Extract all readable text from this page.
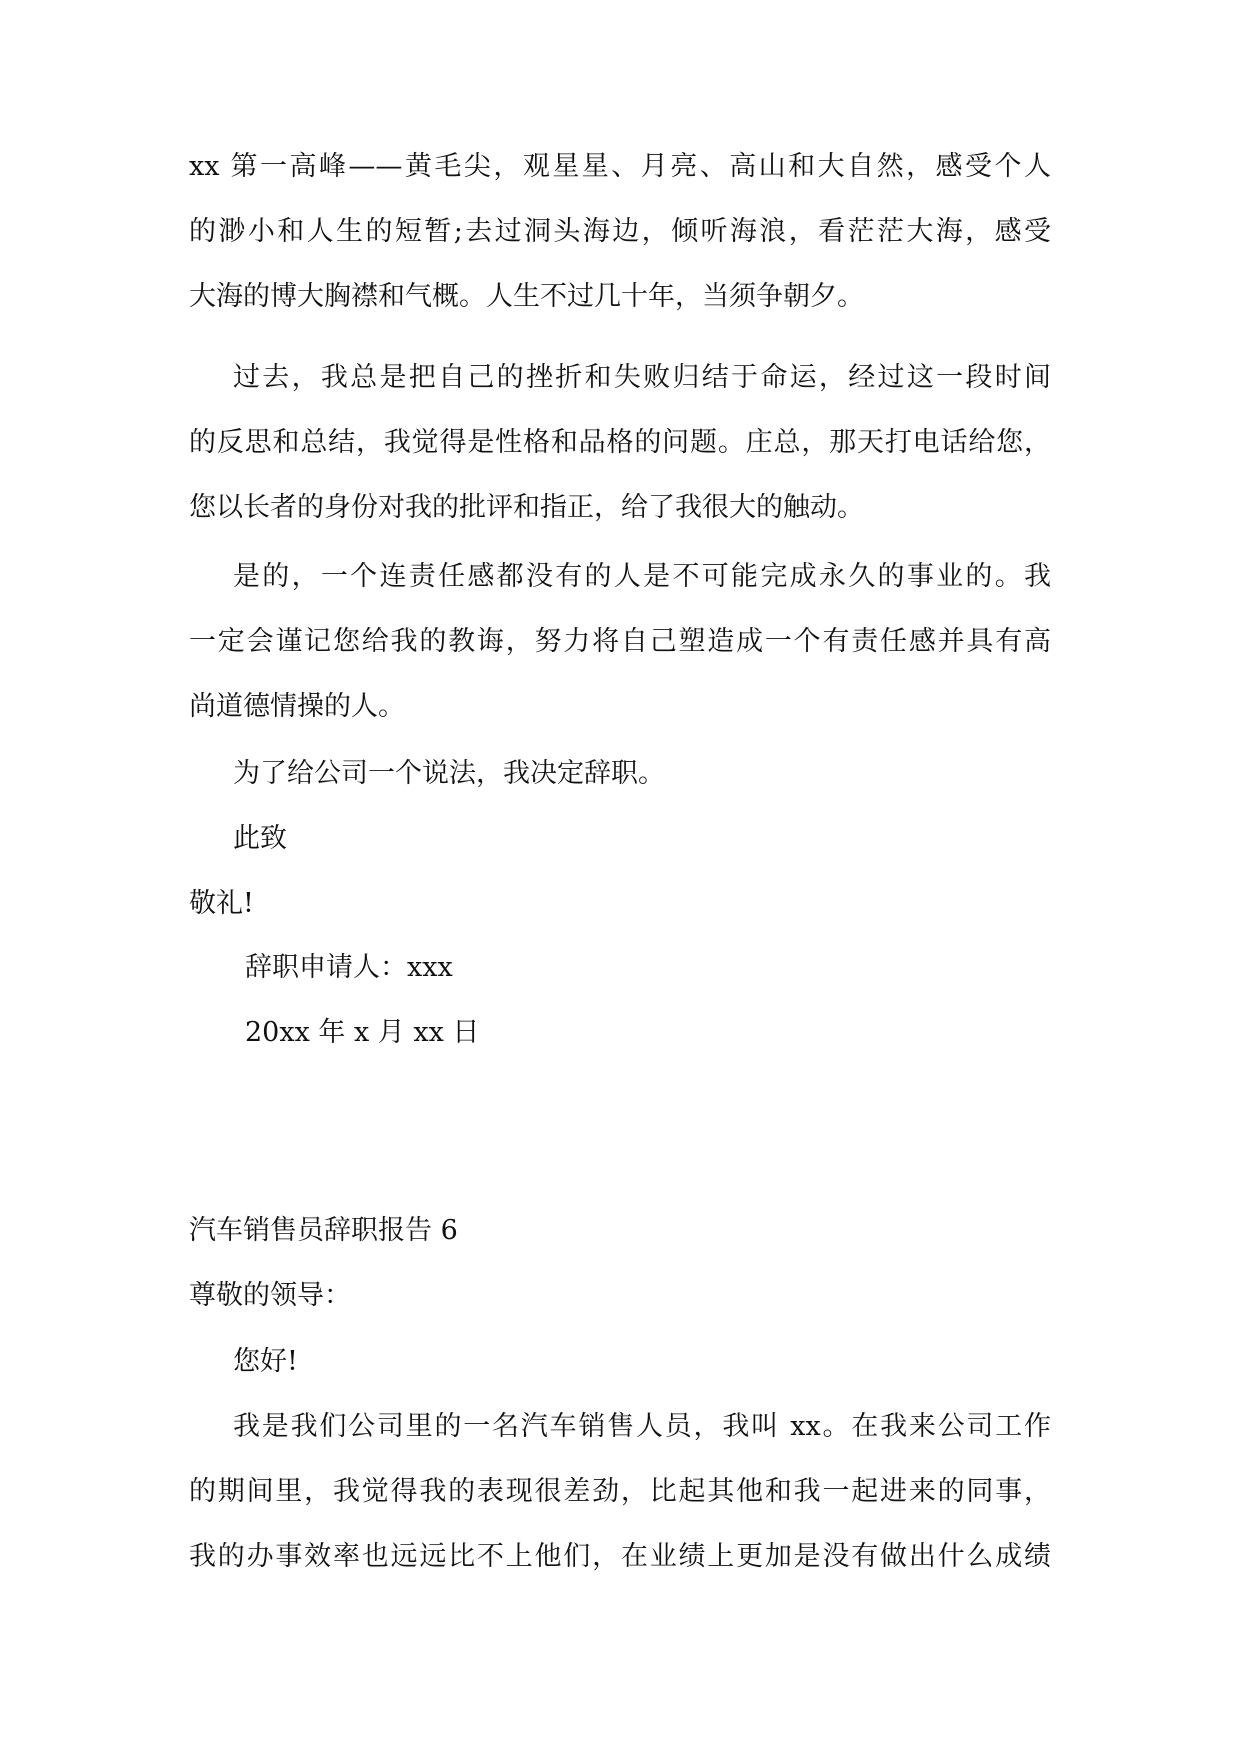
xx 第一高峰——黄毛尖，观星星、月亮、高山和大自然，感受个人
的渺小和人生的短暂;去过洞头海边，倾听海浪，看茫茫大海，感受
大海的博大胸襟和气概。人生不过几十年，当须争朝夕。
过去，我总是把自己的挫折和失败归结于命运，经过这一段时间
的反思和总结，我觉得是性格和品格的问题。庄总，那天打电话给您，
您以长者的身份对我的批评和指正，给了我很大的触动。
是的，一个连责任感都没有的人是不可能完成永久的事业的。我
一定会谨记您给我的教诲，努力将自己塑造成一个有责任感并具有高
尚道德情操的人。
为了给公司一个说法，我决定辞职。
此致
敬礼!
辞职申请人：xxx
20xx 年 x 月 xx 日
汽车销售员辞职报告 6
尊敬的领导：
您好!
我是我们公司里的一名汽车销售人员，我叫 xx。在我来公司工作
的期间里，我觉得我的表现很差劲，比起其他和我一起进来的同事，
我的办事效率也远远比不上他们，在业绩上更加是没有做出什么成绩
